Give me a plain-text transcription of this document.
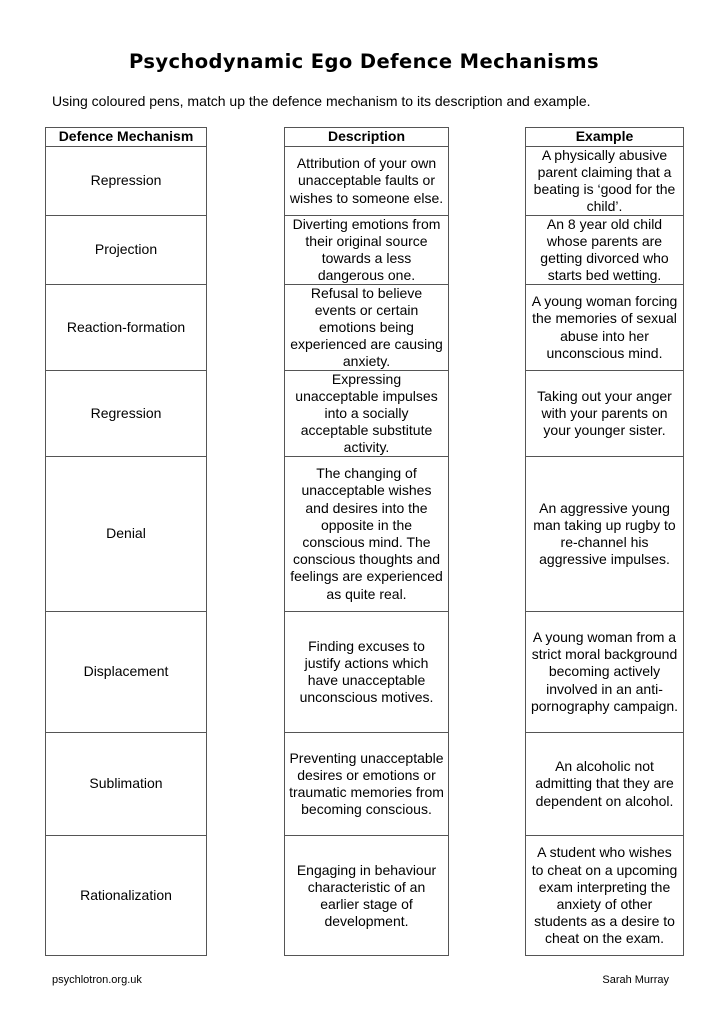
Psychodynamic Ego Defence Mechanisms
Using coloured pens, match up the defence mechanism to its description and example.
Defence Mechanism
Repression
Projection
Reaction-formation
Regression
Denial
Displacement
Sublimation
Rationalization
Description
Attribution of your own unacceptable faults or wishes to someone else.
Diverting emotions from their original source towards a less dangerous one.
Refusal to believe events or certain emotions being experienced are causing anxiety.
Expressing unacceptable impulses into a socially acceptable substitute activity.
The changing of unacceptable wishes and desires into the opposite in the conscious mind. The conscious thoughts and feelings are experienced as quite real.
Finding excuses to justify actions which have unacceptable unconscious motives.
Preventing unacceptable desires or emotions or traumatic memories from becoming conscious.
Engaging in behaviour characteristic of an earlier stage of development.
Example
A physically abusive parent claiming that a beating is ‘good for the child’.
An 8 year old child whose parents are getting divorced who starts bed wetting.
A young woman forcing the memories of sexual abuse into her unconscious mind.
Taking out your anger with your parents on your younger sister.
An aggressive young man taking up rugby to re-channel his aggressive impulses.
A young woman from a strict moral background becoming actively involved in an anti-pornography campaign.
An alcoholic not admitting that they are dependent on alcohol.
A student who wishes to cheat on a upcoming exam interpreting the anxiety of other students as a desire to cheat on the exam.
psychlotron.org.uk	Sarah Murray
